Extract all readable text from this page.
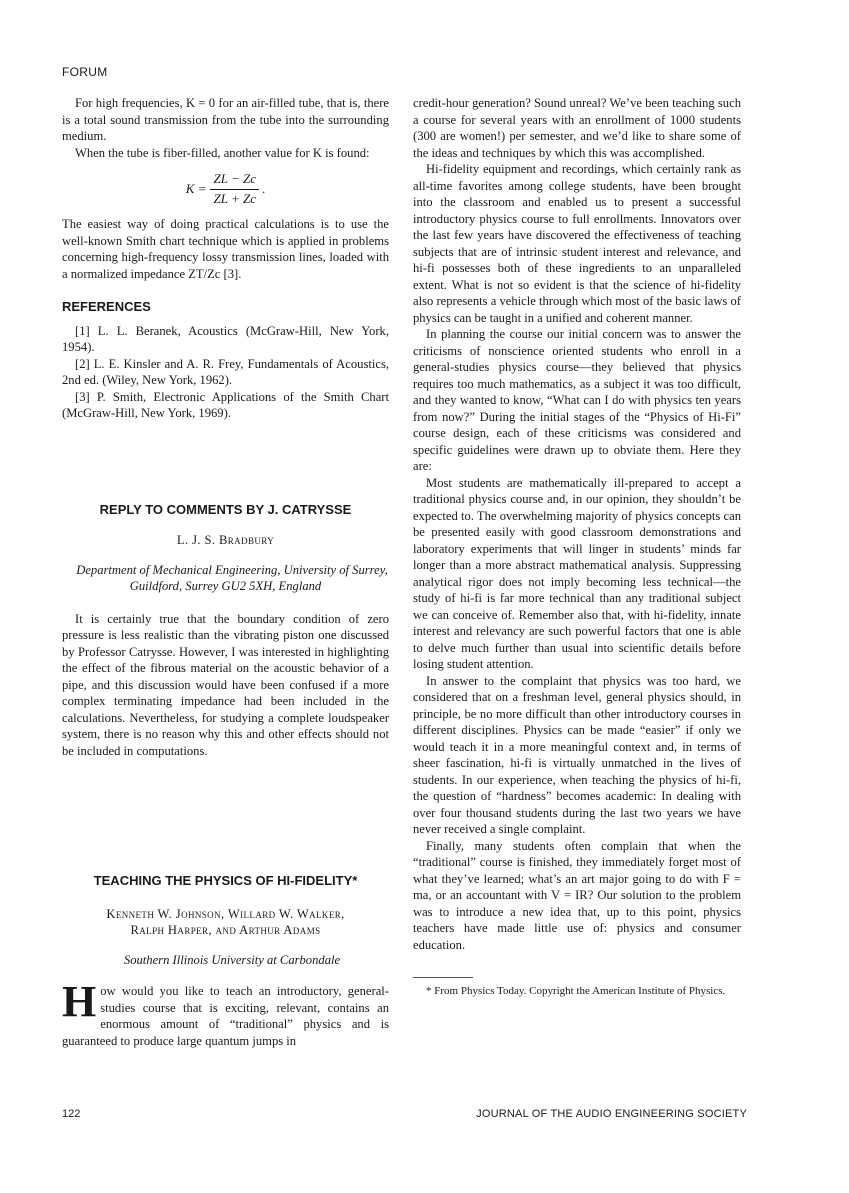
FORUM

For high frequencies, K = 0 for an air-filled tube, that is, there is a total sound transmission from the tube into the surrounding medium.

When the tube is fiber-filled, another value for K is found:

$K = \frac{ZL - Zc}{ZL + Zc}$ .

The easiest way of doing practical calculations is to use the well-known Smith chart technique which is applied in problems concerning high-frequency lossy transmission lines, loaded with a normalized impedance ZT/Zc [3].

REFERENCES

[1] L. L. Beranek, Acoustics (McGraw-Hill, New York, 1954).

[2] L. E. Kinsler and A. R. Frey, Fundamentals of Acoustics, 2nd ed. (Wiley, New York, 1962).

[3] P. Smith, Electronic Applications of the Smith Chart (McGraw-Hill, New York, 1969).

REPLY TO COMMENTS BY J. CATRYSSE

L. J. S. Bradbury

Department of Mechanical Engineering, University of Surrey, Guildford, Surrey GU2 5XH, England

It is certainly true that the boundary condition of zero pressure is less realistic than the vibrating piston one discussed by Professor Catrysse. However, I was interested in highlighting the effect of the fibrous material on the acoustic behavior of a pipe, and this discussion would have been confused if a more complex terminating impedance had been included in the calculations. Nevertheless, for studying a complete loudspeaker system, there is no reason why this and other effects should not be included in computations.

TEACHING THE PHYSICS OF HI-FIDELITY*

Kenneth W. Johnson, Willard W. Walker,

Ralph Harper, and Arthur Adams

Southern Illinois University at Carbondale

H ow would you like to teach an introductory, general-studies course that is exciting, relevant, contains an enormous amount of “traditional” physics and is guaranteed to produce large quantum jumps in

credit-hour generation? Sound unreal? We’ve been teaching such a course for several years with an enrollment of 1000 students (300 are women!) per semester, and we’d like to share some of the ideas and techniques by which this was accomplished.

Hi-fidelity equipment and recordings, which certainly rank as all-time favorites among college students, have been brought into the classroom and enabled us to present a successful introductory physics course to full enrollments. Innovators over the last few years have discovered the effectiveness of teaching subjects that are of intrinsic student interest and relevance, and hi-fi possesses both of these ingredients to an unparalleled extent. What is not so evident is that the science of hi-fidelity also represents a vehicle through which most of the basic laws of physics can be taught in a unified and coherent manner.

In planning the course our initial concern was to answer the criticisms of nonscience oriented students who enroll in a general-studies physics course—they believed that physics requires too much mathematics, as a subject it was too difficult, and they wanted to know, “What can I do with physics ten years from now?” During the initial stages of the “Physics of Hi-Fi” course design, each of these criticisms was considered and specific guidelines were drawn up to obviate them. Here they are:

Most students are mathematically ill-prepared to accept a traditional physics course and, in our opinion, they shouldn’t be expected to. The overwhelming majority of physics concepts can be presented easily with good classroom demonstrations and laboratory experiments that will linger in students’ minds far longer than a more abstract mathematical analysis. Suppressing analytical rigor does not imply becoming less technical—the study of hi-fi is far more technical than any traditional subject we can conceive of. Remember also that, with hi-fidelity, innate interest and relevancy are such powerful factors that one is able to delve much further than usual into scientific details before losing student attention.

In answer to the complaint that physics was too hard, we considered that on a freshman level, general physics should, in principle, be no more difficult than other introductory courses in different disciplines. Physics can be made “easier” if only we would teach it in a more meaningful context and, in terms of sheer fascination, hi-fi is virtually unmatched in the lives of students. In our experience, when teaching the physics of hi-fi, the question of “hardness” becomes academic: In dealing with over four thousand students during the last two years we have never received a single complaint.

Finally, many students often complain that when the “traditional” course is finished, they immediately forget most of what they’ve learned; what’s an art major going to do with F = ma, or an accountant with V = IR? Our solution to the problem was to introduce a new idea that, up to this point, physics teachers have made little use of: physics and consumer education.

* From Physics Today. Copyright the American Institute of Physics.

122	JOURNAL OF THE AUDIO ENGINEERING SOCIETY
